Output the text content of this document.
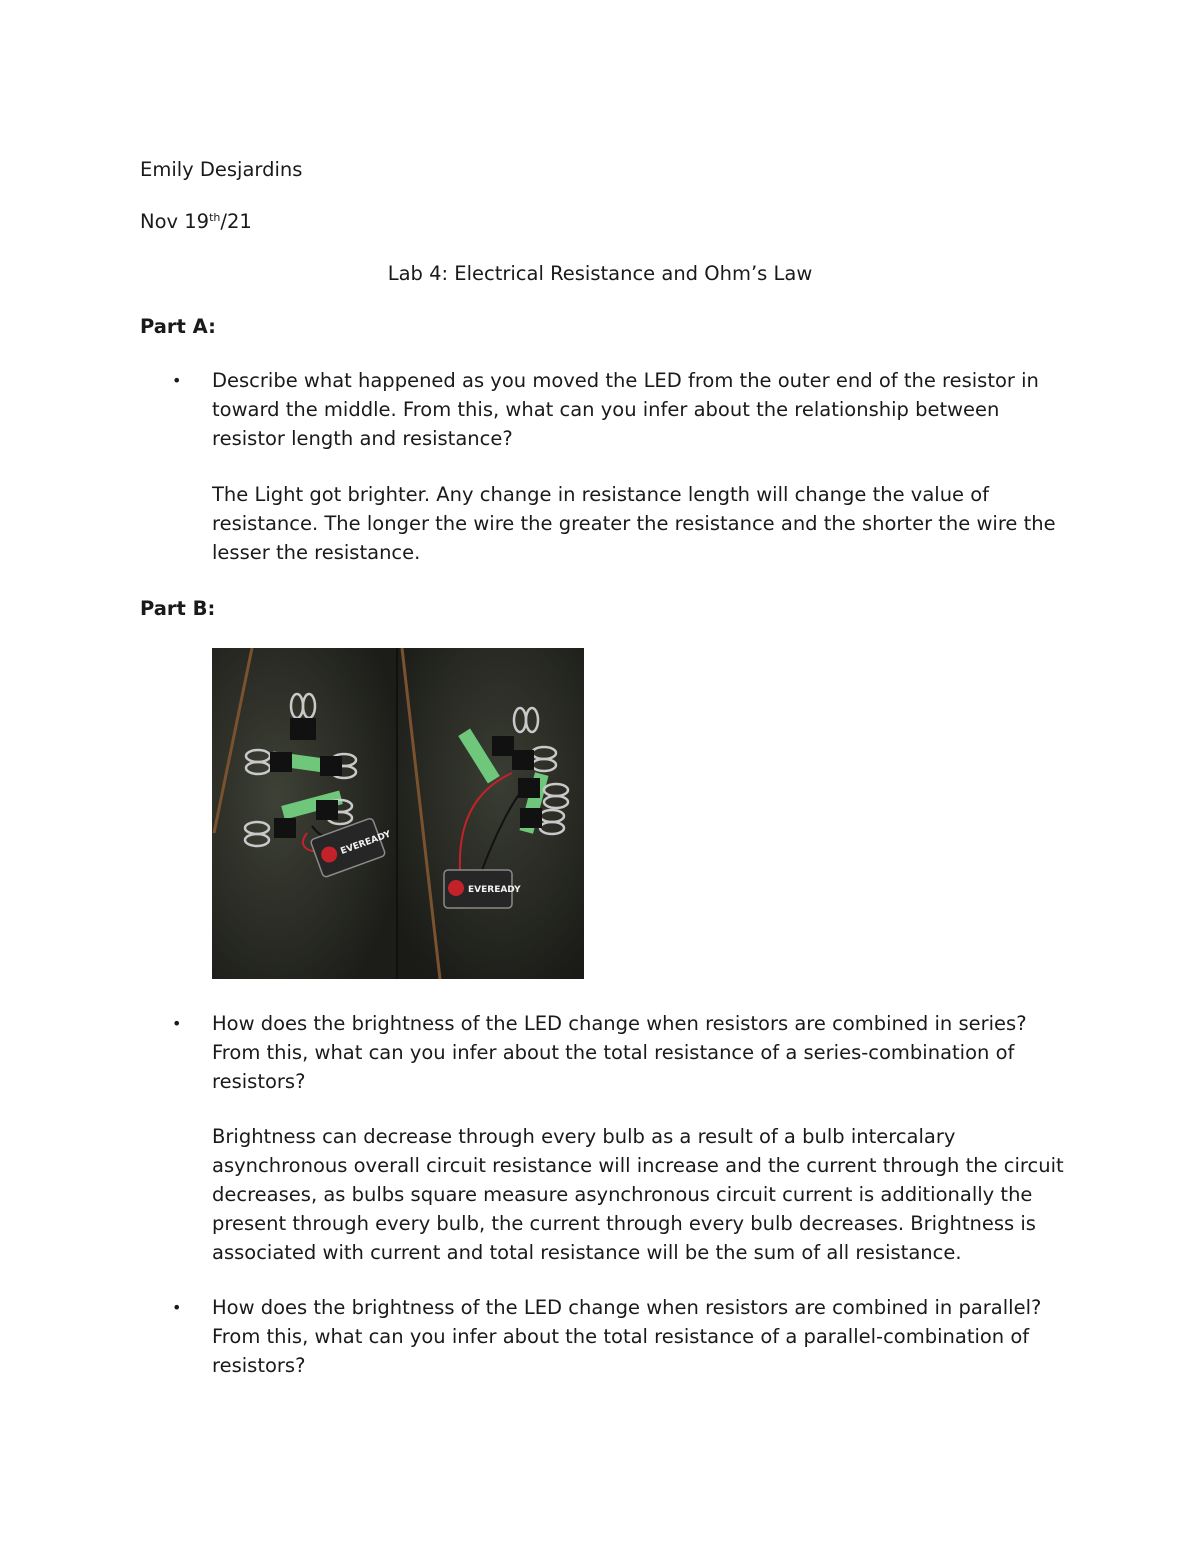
Emily Desjardins
Nov 19th/21
Lab 4: Electrical Resistance and Ohm’s Law
Part A:
• Describe what happened as you moved the LED from the outer end of the resistor in toward the middle. From this, what can you infer about the relationship between resistor length and resistance?
The Light got brighter. Any change in resistance length will change the value of resistance. The longer the wire the greater the resistance and the shorter the wire the lesser the resistance.
Part B:
EVEREADY
EVEREADY
• How does the brightness of the LED change when resistors are combined in series? From this, what can you infer about the total resistance of a series-combination of resistors?
Brightness can decrease through every bulb as a result of a bulb intercalary asynchronous overall circuit resistance will increase and the current through the circuit decreases, as bulbs square measure asynchronous circuit current is additionally the present through every bulb, the current through every bulb decreases. Brightness is associated with current and total resistance will be the sum of all resistance.
• How does the brightness of the LED change when resistors are combined in parallel? From this, what can you infer about the total resistance of a parallel-combination of resistors?
